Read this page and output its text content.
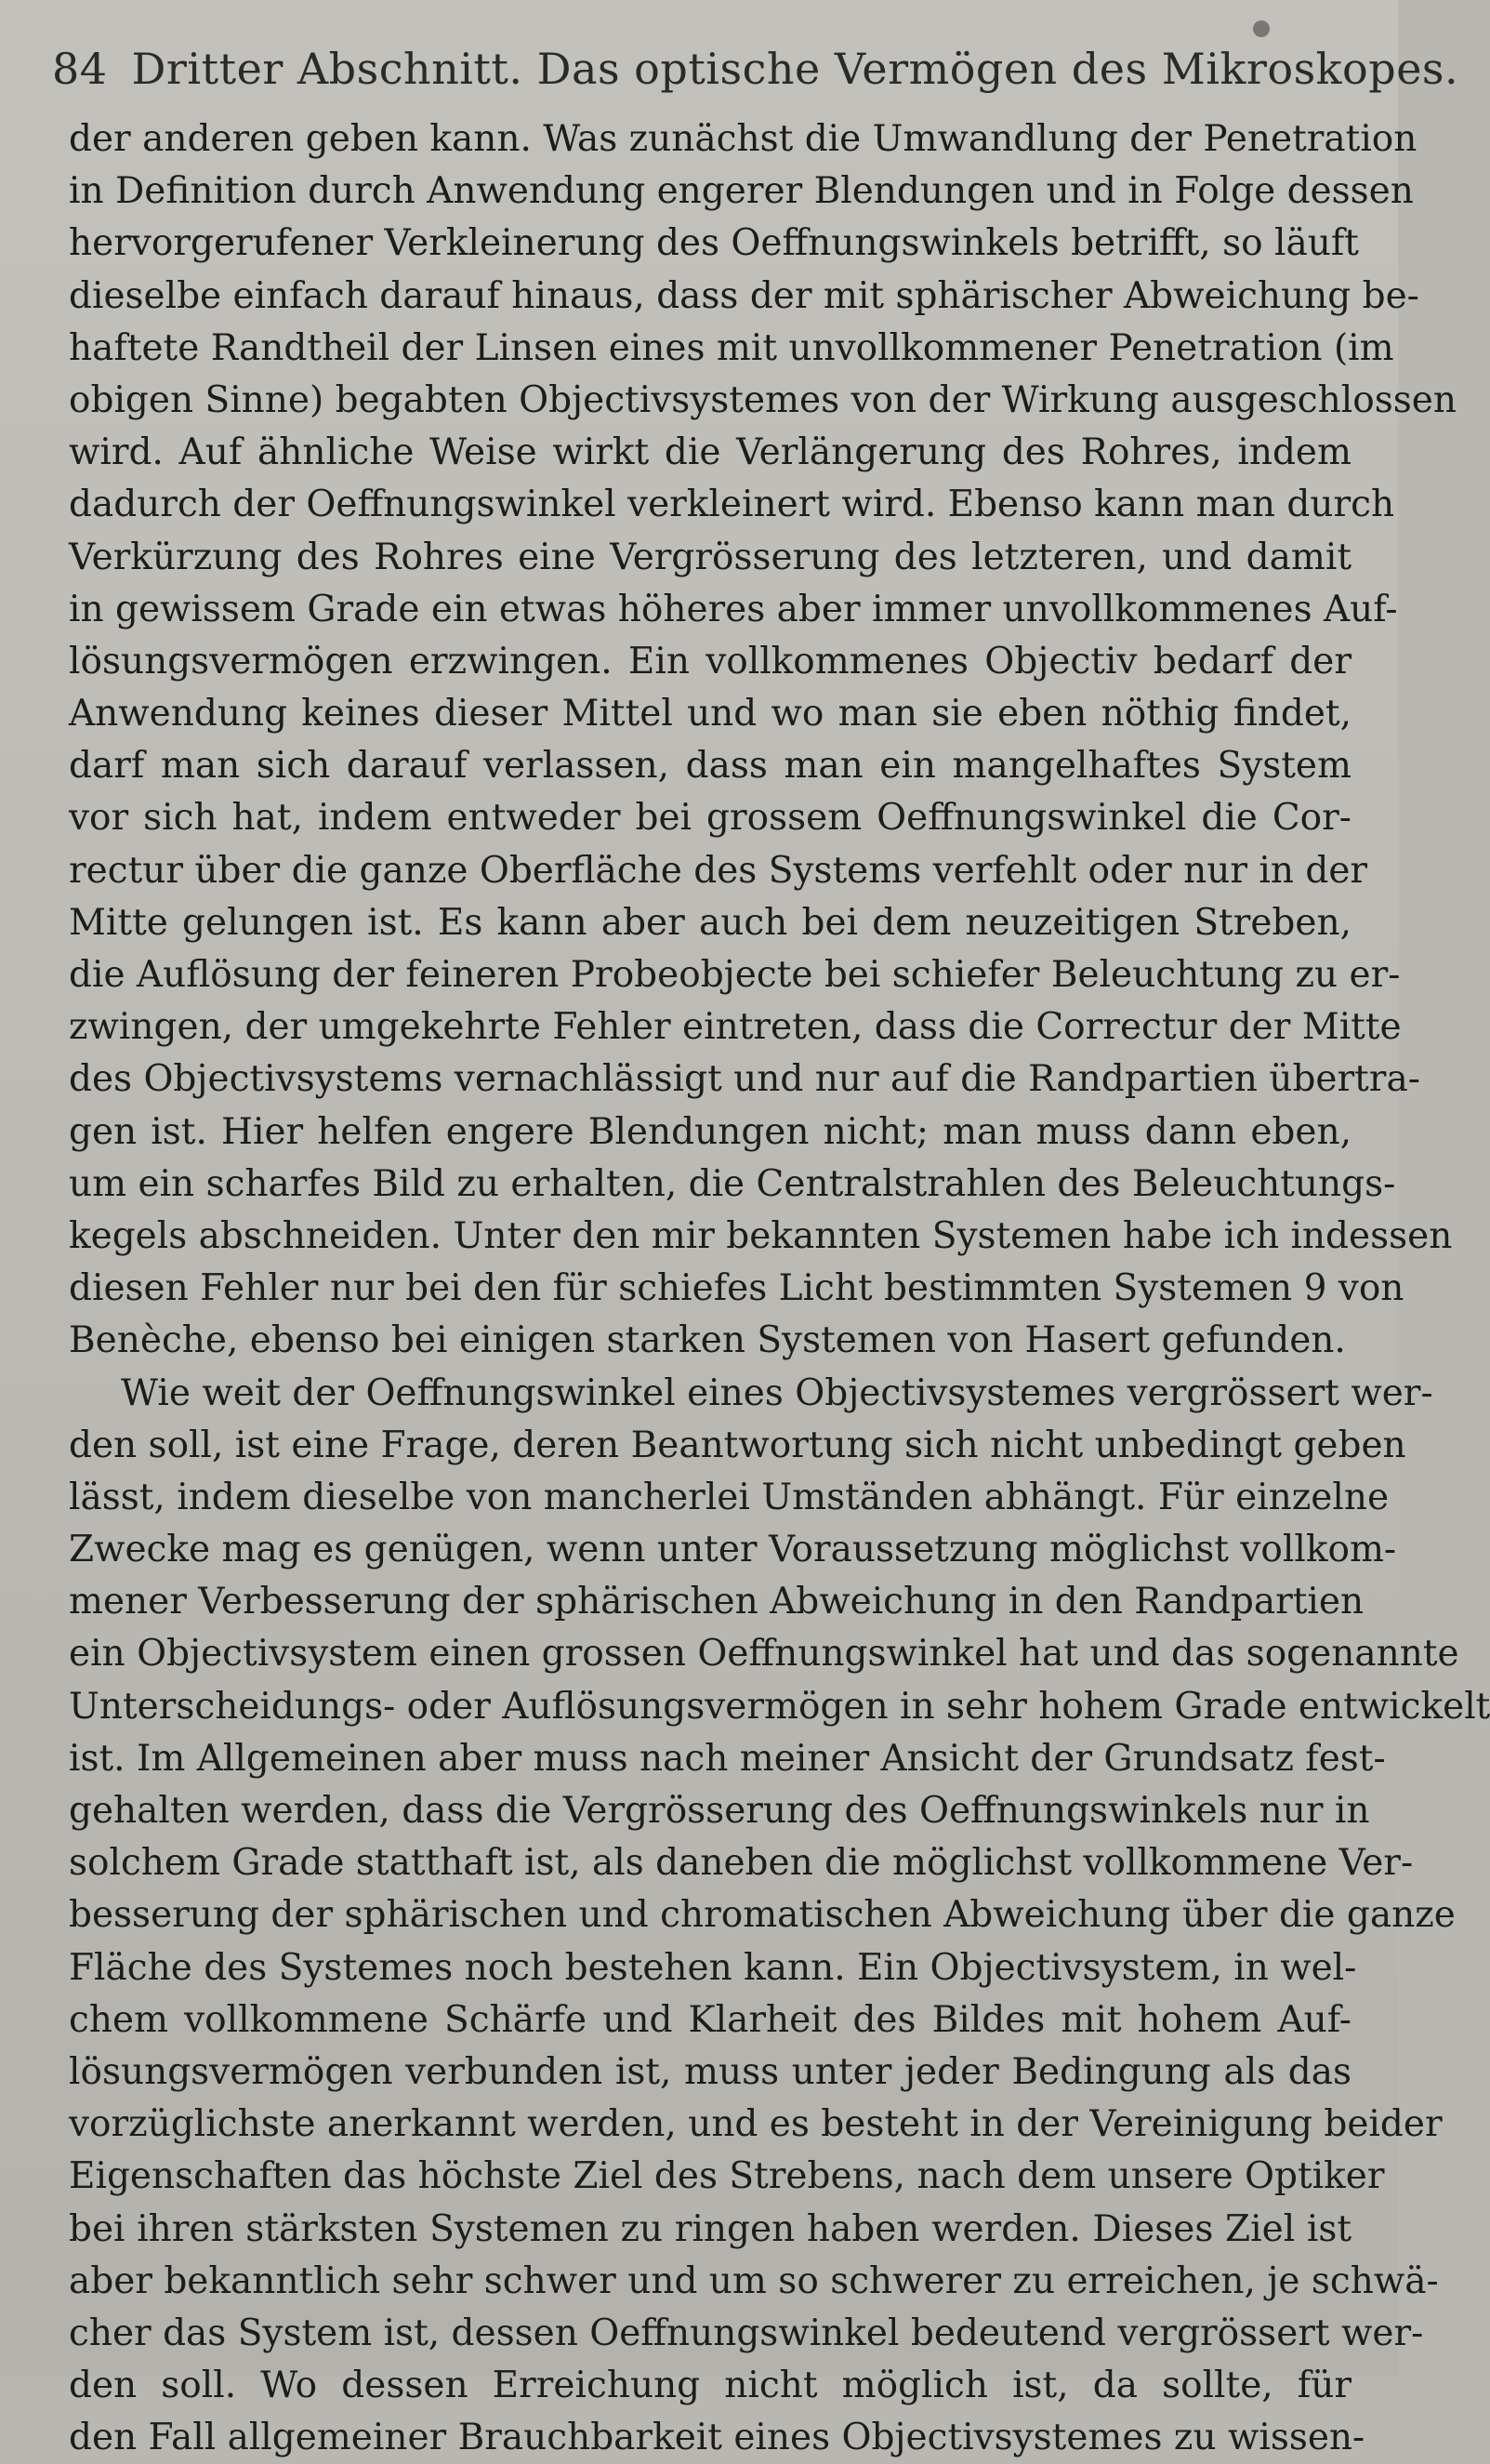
84 Dritter Abschnitt. Das optische Vermögen des Mikroskopes.
der anderen geben kann. Was zunächst die Umwandlung der Penetration
in Definition durch Anwendung engerer Blendungen und in Folge dessen
hervorgerufener Verkleinerung des Oeffnungswinkels betrifft, so läuft
dieselbe einfach darauf hinaus, dass der mit sphärischer Abweichung be-
haftete Randtheil der Linsen eines mit unvollkommener Penetration (im
obigen Sinne) begabten Objectivsystemes von der Wirkung ausgeschlossen
wird. Auf ähnliche Weise wirkt die Verlängerung des Rohres, indem
dadurch der Oeffnungswinkel verkleinert wird. Ebenso kann man durch
Verkürzung des Rohres eine Vergrösserung des letzteren, und damit
in gewissem Grade ein etwas höheres aber immer unvollkommenes Auf-
lösungsvermögen erzwingen. Ein vollkommenes Objectiv bedarf der
Anwendung keines dieser Mittel und wo man sie eben nöthig findet,
darf man sich darauf verlassen, dass man ein mangelhaftes System
vor sich hat, indem entweder bei grossem Oeffnungswinkel die Cor-
rectur über die ganze Oberfläche des Systems verfehlt oder nur in der
Mitte gelungen ist. Es kann aber auch bei dem neuzeitigen Streben,
die Auflösung der feineren Probeobjecte bei schiefer Beleuchtung zu er-
zwingen, der umgekehrte Fehler eintreten, dass die Correctur der Mitte
des Objectivsystems vernachlässigt und nur auf die Randpartien übertra-
gen ist. Hier helfen engere Blendungen nicht; man muss dann eben,
um ein scharfes Bild zu erhalten, die Centralstrahlen des Beleuchtungs-
kegels abschneiden. Unter den mir bekannten Systemen habe ich indessen
diesen Fehler nur bei den für schiefes Licht bestimmten Systemen 9 von
Benèche, ebenso bei einigen starken Systemen von Hasert gefunden.
Wie weit der Oeffnungswinkel eines Objectivsystemes vergrössert wer-
den soll, ist eine Frage, deren Beantwortung sich nicht unbedingt geben
lässt, indem dieselbe von mancherlei Umständen abhängt. Für einzelne
Zwecke mag es genügen, wenn unter Voraussetzung möglichst vollkom-
mener Verbesserung der sphärischen Abweichung in den Randpartien
ein Objectivsystem einen grossen Oeffnungswinkel hat und das sogenannte
Unterscheidungs- oder Auflösungsvermögen in sehr hohem Grade entwickelt
ist. Im Allgemeinen aber muss nach meiner Ansicht der Grundsatz fest-
gehalten werden, dass die Vergrösserung des Oeffnungswinkels nur in
solchem Grade statthaft ist, als daneben die möglichst vollkommene Ver-
besserung der sphärischen und chromatischen Abweichung über die ganze
Fläche des Systemes noch bestehen kann. Ein Objectivsystem, in wel-
chem vollkommene Schärfe und Klarheit des Bildes mit hohem Auf-
lösungsvermögen verbunden ist, muss unter jeder Bedingung als das
vorzüglichste anerkannt werden, und es besteht in der Vereinigung beider
Eigenschaften das höchste Ziel des Strebens, nach dem unsere Optiker
bei ihren stärksten Systemen zu ringen haben werden. Dieses Ziel ist
aber bekanntlich sehr schwer und um so schwerer zu erreichen, je schwä-
cher das System ist, dessen Oeffnungswinkel bedeutend vergrössert wer-
den soll. Wo dessen Erreichung nicht möglich ist, da sollte, für
den Fall allgemeiner Brauchbarkeit eines Objectivsystemes zu wissen-
